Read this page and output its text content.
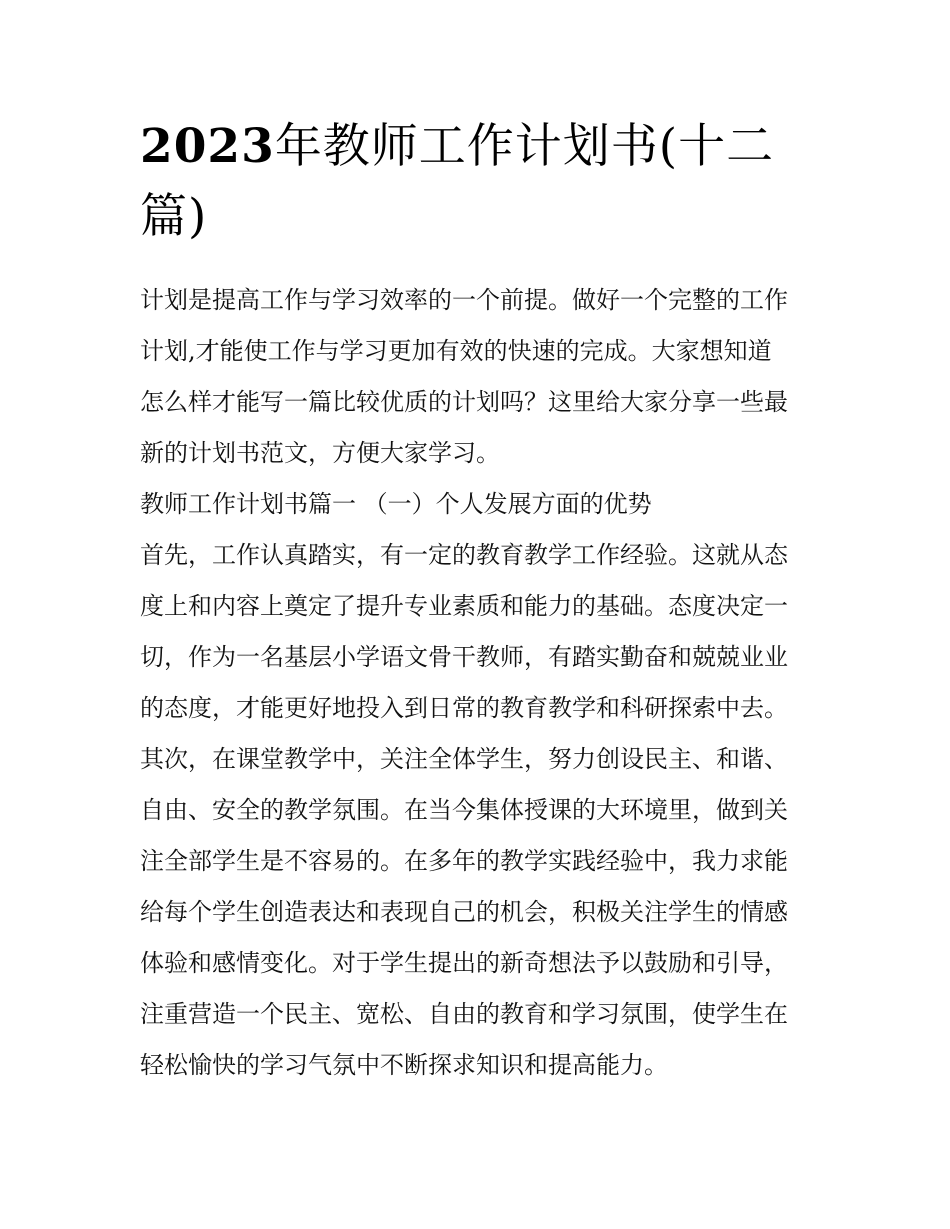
2023年教师工作计划书(十二篇)
计划是提高工作与学习效率的一个前提。做好一个完整的工作
计划,才能使工作与学习更加有效的快速的完成。大家想知道
怎么样才能写一篇比较优质的计划吗？这里给大家分享一些最
新的计划书范文，方便大家学习。
教师工作计划书篇一 （一）个人发展方面的优势
首先，工作认真踏实，有一定的教育教学工作经验。这就从态
度上和内容上奠定了提升专业素质和能力的基础。态度决定一
切，作为一名基层小学语文骨干教师，有踏实勤奋和兢兢业业
的态度，才能更好地投入到日常的教育教学和科研探索中去。
其次，在课堂教学中，关注全体学生，努力创设民主、和谐、
自由、安全的教学氛围。在当今集体授课的大环境里，做到关
注全部学生是不容易的。在多年的教学实践经验中，我力求能
给每个学生创造表达和表现自己的机会，积极关注学生的情感
体验和感情变化。对于学生提出的新奇想法予以鼓励和引导，
注重营造一个民主、宽松、自由的教育和学习氛围，使学生在
轻松愉快的学习气氛中不断探求知识和提高能力。
